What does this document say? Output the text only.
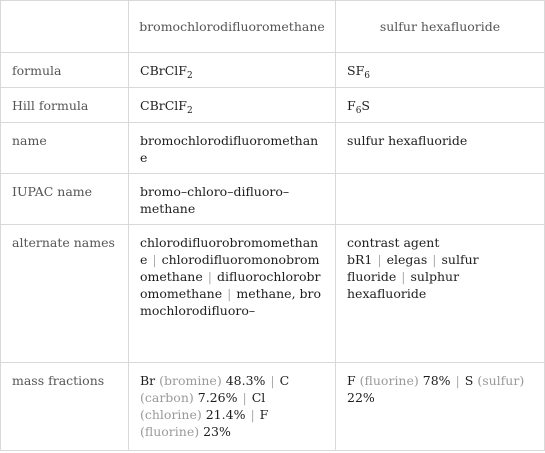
	bromochlorodifluoromethane	sulfur hexafluoride
formula	CBrClF$_2$	$SF_6$
Hill formula	CBrClF$_2$	$F_6S$
name	bromochlorodifluoromethane	sulfur hexafluoride
IUPAC name	bromo–chloro–difluoro–methane	
alternate names	chlorodifluorobromomethane | chlorodifluoromonobromomethane | difluorochlorobromomethane | methane, bromochlorodifluoro–	contrast agent bR1 | elegas | sulfur fluoride | sulphur hexafluoride
mass fractions	Br (bromine) 48.3% | C (carbon) 7.26% | Cl (chlorine) 21.4% | F (fluorine) 23%	F (fluorine) 78% | S (sulfur) 22%
